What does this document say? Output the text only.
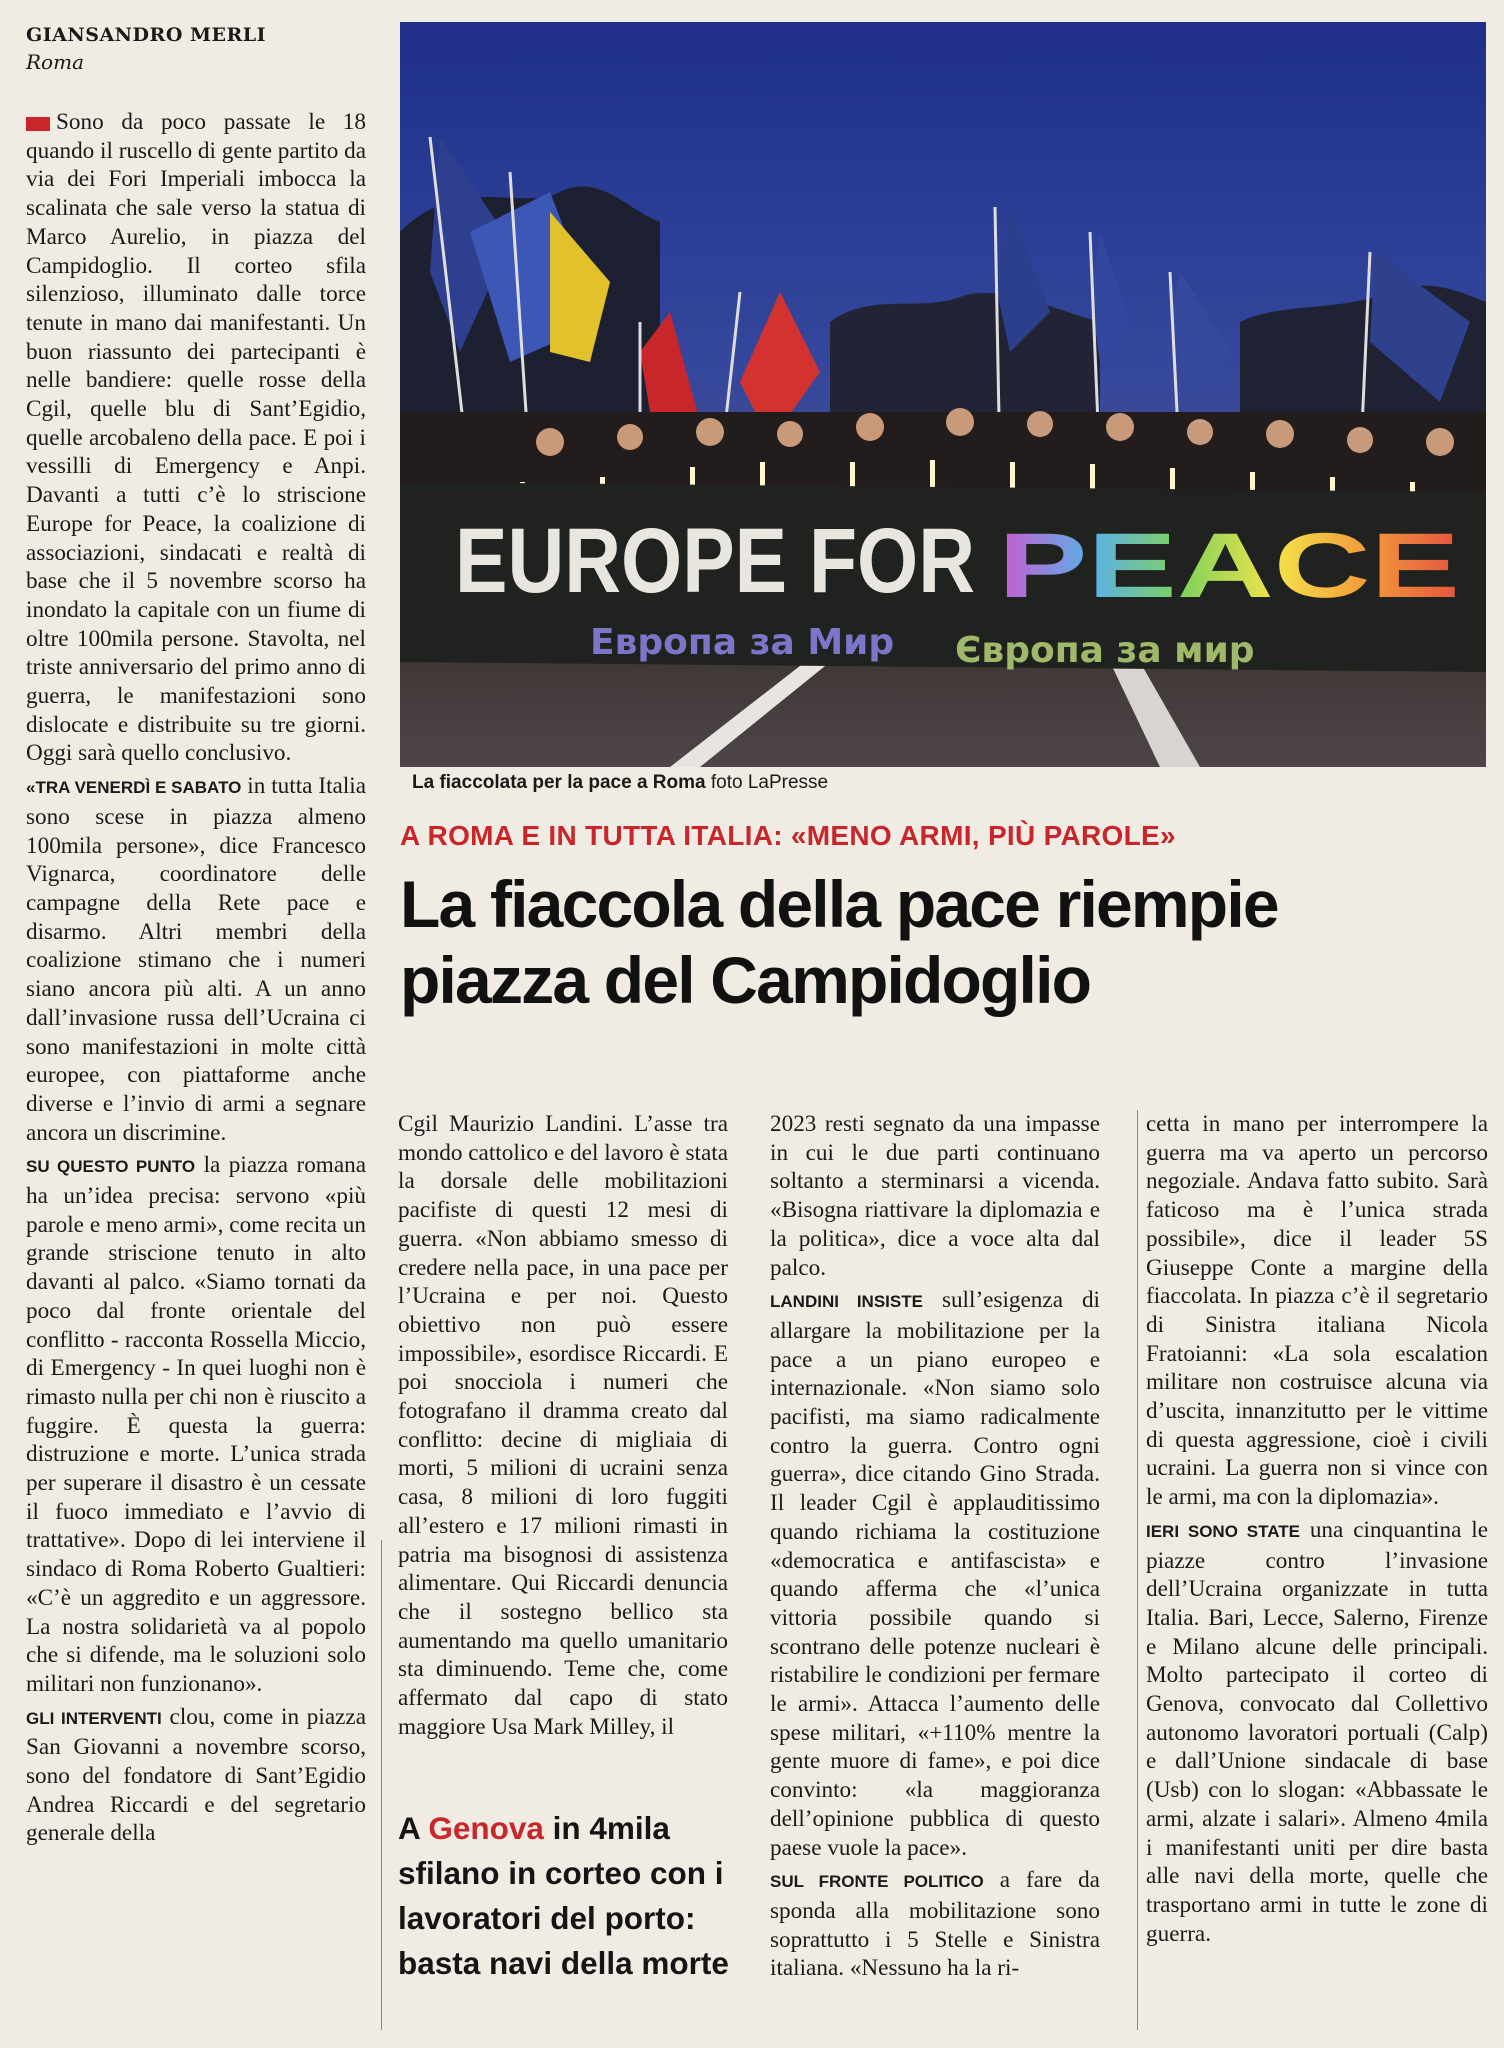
GIANSANDRO MERLI
Roma

Sono da poco passate le 18 quando il ruscello di gente partito da via dei Fori Imperiali imbocca la scalinata che sale verso la statua di Marco Aurelio, in piazza del Campidoglio. Il corteo sfila silenzioso, illuminato dalle torce tenute in mano dai manifestanti. Un buon riassunto dei partecipanti è nelle bandiere: quelle rosse della Cgil, quelle blu di Sant’Egidio, quelle arcobaleno della pace. E poi i vessilli di Emergency e Anpi. Davanti a tutti c’è lo striscione Europe for Peace, la coalizione di associazioni, sindacati e realtà di base che il 5 novembre scorso ha inondato la capitale con un fiume di oltre 100mila persone. Stavolta, nel triste anniversario del primo anno di guerra, le manifestazioni sono dislocate e distribuite su tre giorni. Oggi sarà quello conclusivo.

«TRA VENERDÌ E SABATO in tutta Italia sono scese in piazza almeno 100mila persone», dice Francesco Vignarca, coordinatore delle campagne della Rete pace e disarmo. Altri membri della coalizione stimano che i numeri siano ancora più alti. A un anno dall’invasione russa dell’Ucraina ci sono manifestazioni in molte città europee, con piattaforme anche diverse e l’invio di armi a segnare ancora un discrimine.

SU QUESTO PUNTO la piazza romana ha un’idea precisa: servono «più parole e meno armi», come recita un grande striscione tenuto in alto davanti al palco. «Siamo tornati da poco dal fronte orientale del conflitto - racconta Rossella Miccio, di Emergency - In quei luoghi non è rimasto nulla per chi non è riuscito a fuggire. È questa la guerra: distruzione e morte. L’unica strada per superare il disastro è un cessate il fuoco immediato e l’avvio di trattative». Dopo di lei interviene il sindaco di Roma Roberto Gualtieri: «C’è un aggredito e un aggressore. La nostra solidarietà va al popolo che si difende, ma le soluzioni solo militari non funzionano».

GLI INTERVENTI clou, come in piazza San Giovanni a novembre scorso, sono del fondatore di Sant’Egidio Andrea Riccardi e del segretario generale della

EUROPE FOR PEACE
Европа за Мир Європа за мир
La fiaccolata per la pace a Roma foto LaPresse
A ROMA E IN TUTTA ITALIA: «MENO ARMI, PIÙ PAROLE»
La fiaccola della pace riempie
piazza del Campidoglio

Cgil Maurizio Landini. L’asse tra mondo cattolico e del lavoro è stata la dorsale delle mobilitazioni pacifiste di questi 12 mesi di guerra. «Non abbiamo smesso di credere nella pace, in una pace per l’Ucraina e per noi. Questo obiettivo non può essere impossibile», esordisce Riccardi. E poi snocciola i numeri che fotografano il dramma creato dal conflitto: decine di migliaia di morti, 5 milioni di ucraini senza casa, 8 milioni di loro fuggiti all’estero e 17 milioni rimasti in patria ma bisognosi di assistenza alimentare. Qui Riccardi denuncia che il sostegno bellico sta aumentando ma quello umanitario sta diminuendo. Teme che, come affermato dal capo di stato maggiore Usa Mark Milley, il

A Genova in 4mila sfilano in corteo con i lavoratori del porto: basta navi della morte

2023 resti segnato da una impasse in cui le due parti continuano soltanto a sterminarsi a vicenda. «Bisogna riattivare la diplomazia e la politica», dice a voce alta dal palco.

LANDINI INSISTE sull’esigenza di allargare la mobilitazione per la pace a un piano europeo e internazionale. «Non siamo solo pacifisti, ma siamo radicalmente contro la guerra. Contro ogni guerra», dice citando Gino Strada. Il leader Cgil è applauditissimo quando richiama la costituzione «democratica e antifascista» e quando afferma che «l’unica vittoria possibile quando si scontrano delle potenze nucleari è ristabilire le condizioni per fermare le armi». Attacca l’aumento delle spese militari, «+110% mentre la gente muore di fame», e poi dice convinto: «la maggioranza dell’opinione pubblica di questo paese vuole la pace».

SUL FRONTE POLITICO a fare da sponda alla mobilitazione sono soprattutto i 5 Stelle e Sinistra italiana. «Nessuno ha la ri-

cetta in mano per interrompere la guerra ma va aperto un percorso negoziale. Andava fatto subito. Sarà faticoso ma è l’unica strada possibile», dice il leader 5S Giuseppe Conte a margine della fiaccolata. In piazza c’è il segretario di Sinistra italiana Nicola Fratoianni: «La sola escalation militare non costruisce alcuna via d’uscita, innanzitutto per le vittime di questa aggressione, cioè i civili ucraini. La guerra non si vince con le armi, ma con la diplomazia».

IERI SONO STATE una cinquantina le piazze contro l’invasione dell’Ucraina organizzate in tutta Italia. Bari, Lecce, Salerno, Firenze e Milano alcune delle principali. Molto partecipato il corteo di Genova, convocato dal Collettivo autonomo lavoratori portuali (Calp) e dall’Unione sindacale di base (Usb) con lo slogan: «Abbassate le armi, alzate i salari». Almeno 4mila i manifestanti uniti per dire basta alle navi della morte, quelle che trasportano armi in tutte le zone di guerra.
